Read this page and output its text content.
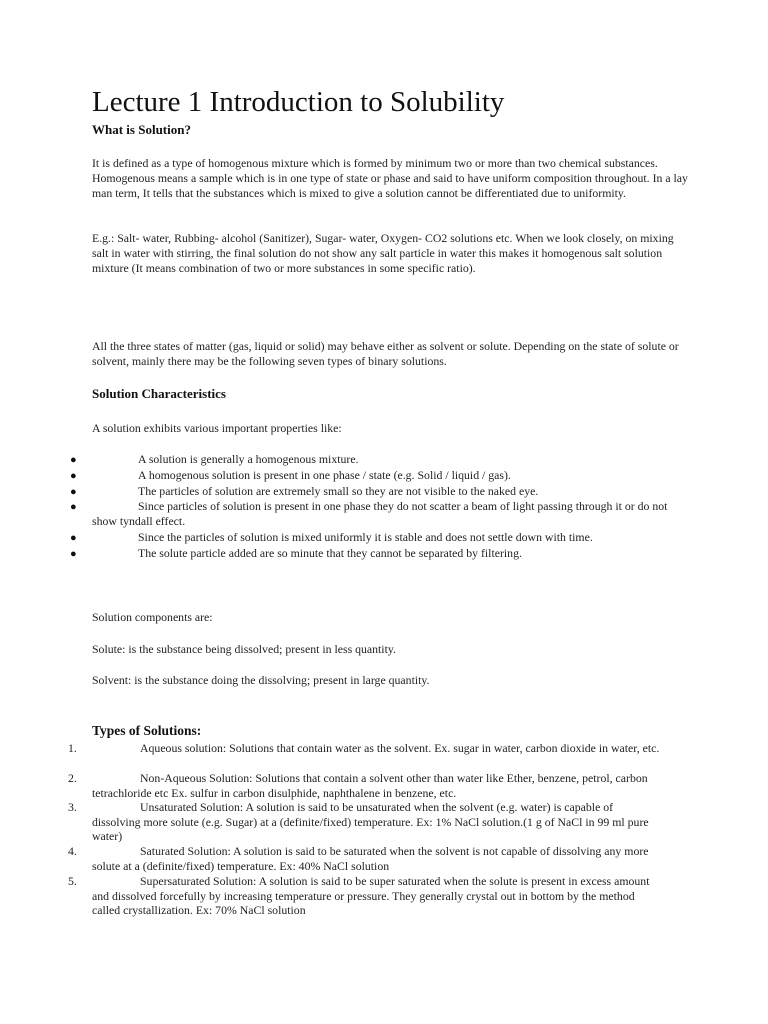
Lecture 1 Introduction to Solubility
What is Solution?

It is defined as a type of homogenous mixture which is formed by minimum two or more than two chemical substances. Homogenous means a sample which is in one type of state or phase and said to have uniform composition throughout. In a lay man term, It tells that the substances which is mixed to give a solution cannot be differentiated due to uniformity.

E.g.: Salt- water, Rubbing- alcohol (Sanitizer), Sugar- water, Oxygen- CO2 solutions etc. When we look closely, on mixing salt in water with stirring, the final solution do not show any salt particle in water this makes it homogenous salt solution mixture (It means combination of two or more substances in some specific ratio).

All the three states of matter (gas, liquid or solid) may behave either as solvent or solute. Depending on the state of solute or solvent, mainly there may be the following seven types of binary solutions.

Solution Characteristics
A solution exhibits various important properties like:
●	A solution is generally a homogenous mixture.

●	A homogenous solution is present in one phase / state (e.g. Solid / liquid / gas).

●	The particles of solution are extremely small so they are not visible to the naked eye.

●	Since particles of solution is present in one phase they do not scatter a beam of light passing through it or do not show tyndall effect.

●	Since the particles of solution is mixed uniformly it is stable and does not settle down with time.

●	The solute particle added are so minute that they cannot be separated by filtering.

Solution components are:
Solute: is the substance being dissolved; present in less quantity.
Solvent: is the substance doing the dissolving; present in large quantity.
Types of Solutions:
1.	Aqueous solution: Solutions that contain water as the solvent. Ex. sugar in water, carbon dioxide in water, etc.

2.	Non-Aqueous Solution: Solutions that contain a solvent other than water like Ether, benzene, petrol, carbon tetrachloride etc Ex. sulfur in carbon disulphide, naphthalene in benzene, etc.

3.	Unsaturated Solution: A solution is said to be unsaturated when the solvent (e.g. water) is capable of dissolving more solute (e.g. Sugar) at a (definite/fixed) temperature. Ex: 1% NaCl solution.(1 g of NaCl in 99 ml pure water)

4.	Saturated Solution: A solution is said to be saturated when the solvent is not capable of dissolving any more solute at a (definite/fixed) temperature. Ex: 40% NaCl solution

5.	Supersaturated Solution: A solution is said to be super saturated when the solute is present in excess amount and dissolved forcefully by increasing temperature or pressure. They generally crystal out in bottom by the method called crystallization. Ex: 70% NaCl solution
